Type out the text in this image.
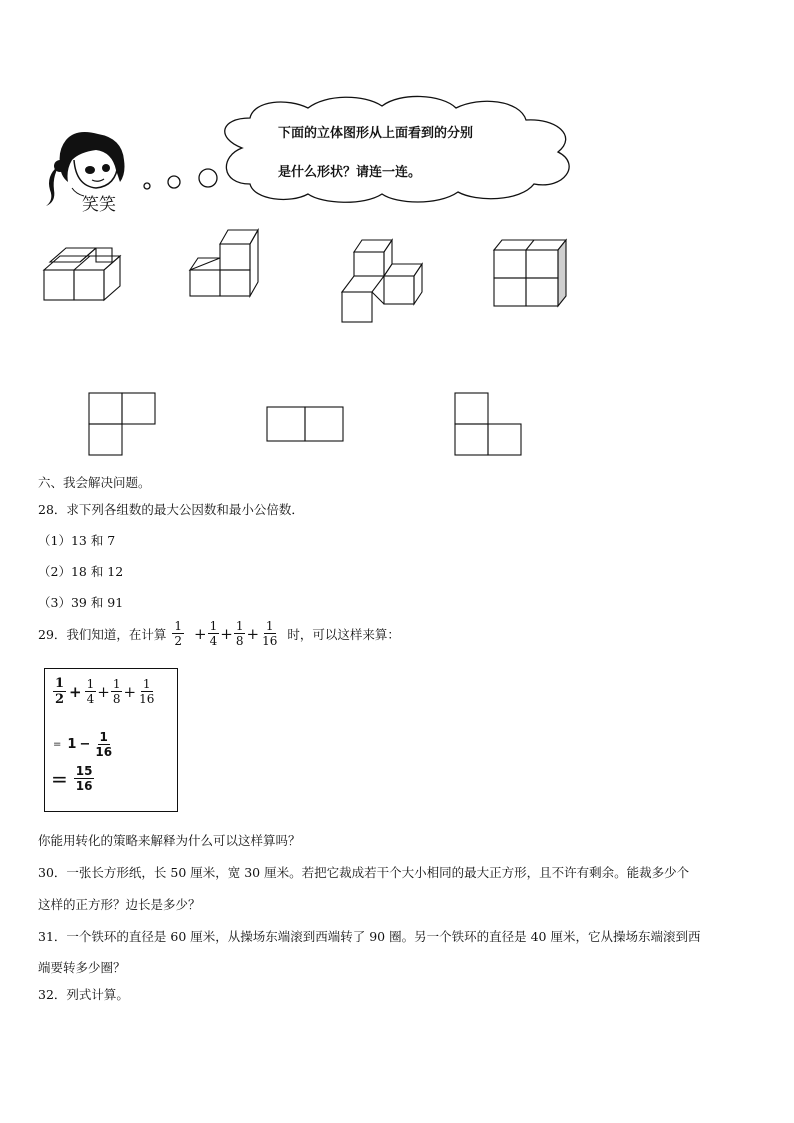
笑笑
下面的立体图形从上面看到的分别
是什么形状？请连一连。
六、我会解决问题。
28．求下列各组数的最大公因数和最小公倍数．
（1）13 和 7
（2）18 和 12
（3）39 和 91
29．我们知道，在计算 $\frac{1}{2} + \frac{1}{4} + \frac{1}{8} + \frac{1}{16}$ 时，可以这样来算：
$\frac{1}{2} + \frac{1}{4} + \frac{1}{8} + \frac{1}{16}$
= $1 - \frac{1}{16}$
= $\frac{15}{16}$
你能用转化的策略来解释为什么可以这样算吗？
30．一张长方形纸，长 50 厘米，宽 30 厘米。若把它裁成若干个大小相同的最大正方形，且不许有剩余。能裁多少个
这样的正方形？边长是多少？
31．一个铁环的直径是 60 厘米，从操场东端滚到西端转了 90 圈。另一个铁环的直径是 40 厘米，它从操场东端滚到西
端要转多少圈？
32．列式计算。
